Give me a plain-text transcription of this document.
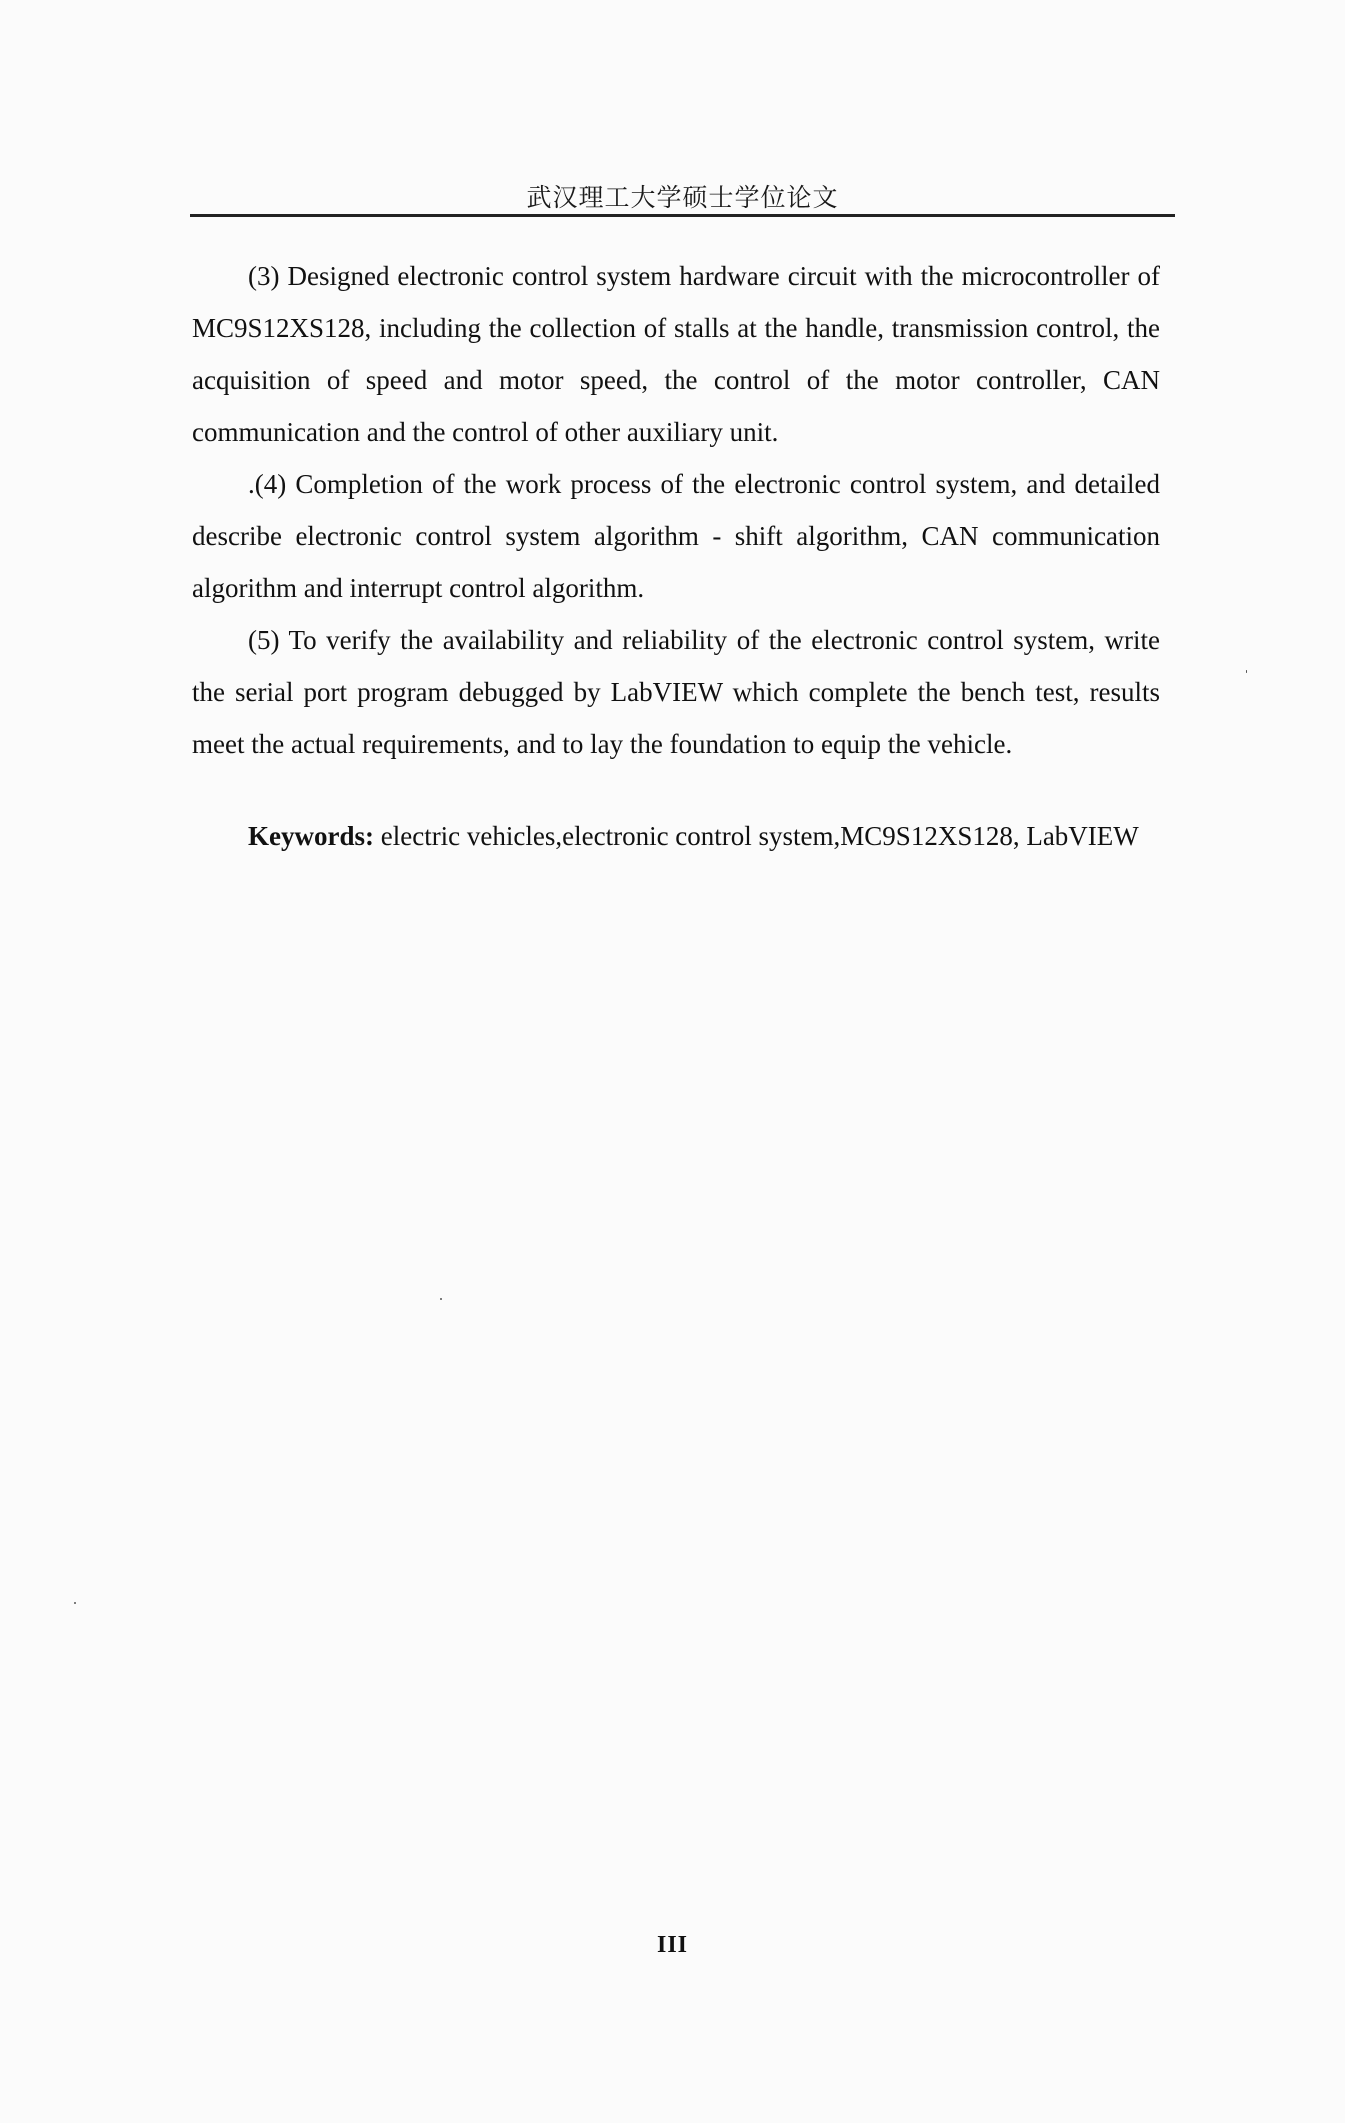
武汉理工大学硕士学位论文

(3) Designed electronic control system hardware circuit with the microcontroller of MC9S12XS128, including the collection of stalls at the handle, transmission control, the acquisition of speed and motor speed, the control of the motor controller, CAN communication and the control of other auxiliary unit.

.(4) Completion of the work process of the electronic control system, and detailed describe electronic control system algorithm - shift algorithm, CAN communication algorithm and interrupt control algorithm.

(5) To verify the availability and reliability of the electronic control system, write the serial port program debugged by LabVIEW which complete the bench test, results meet the actual requirements, and to lay the foundation to equip the vehicle.

Keywords: electric vehicles,electronic control system,MC9S12XS128, LabVIEW
III
